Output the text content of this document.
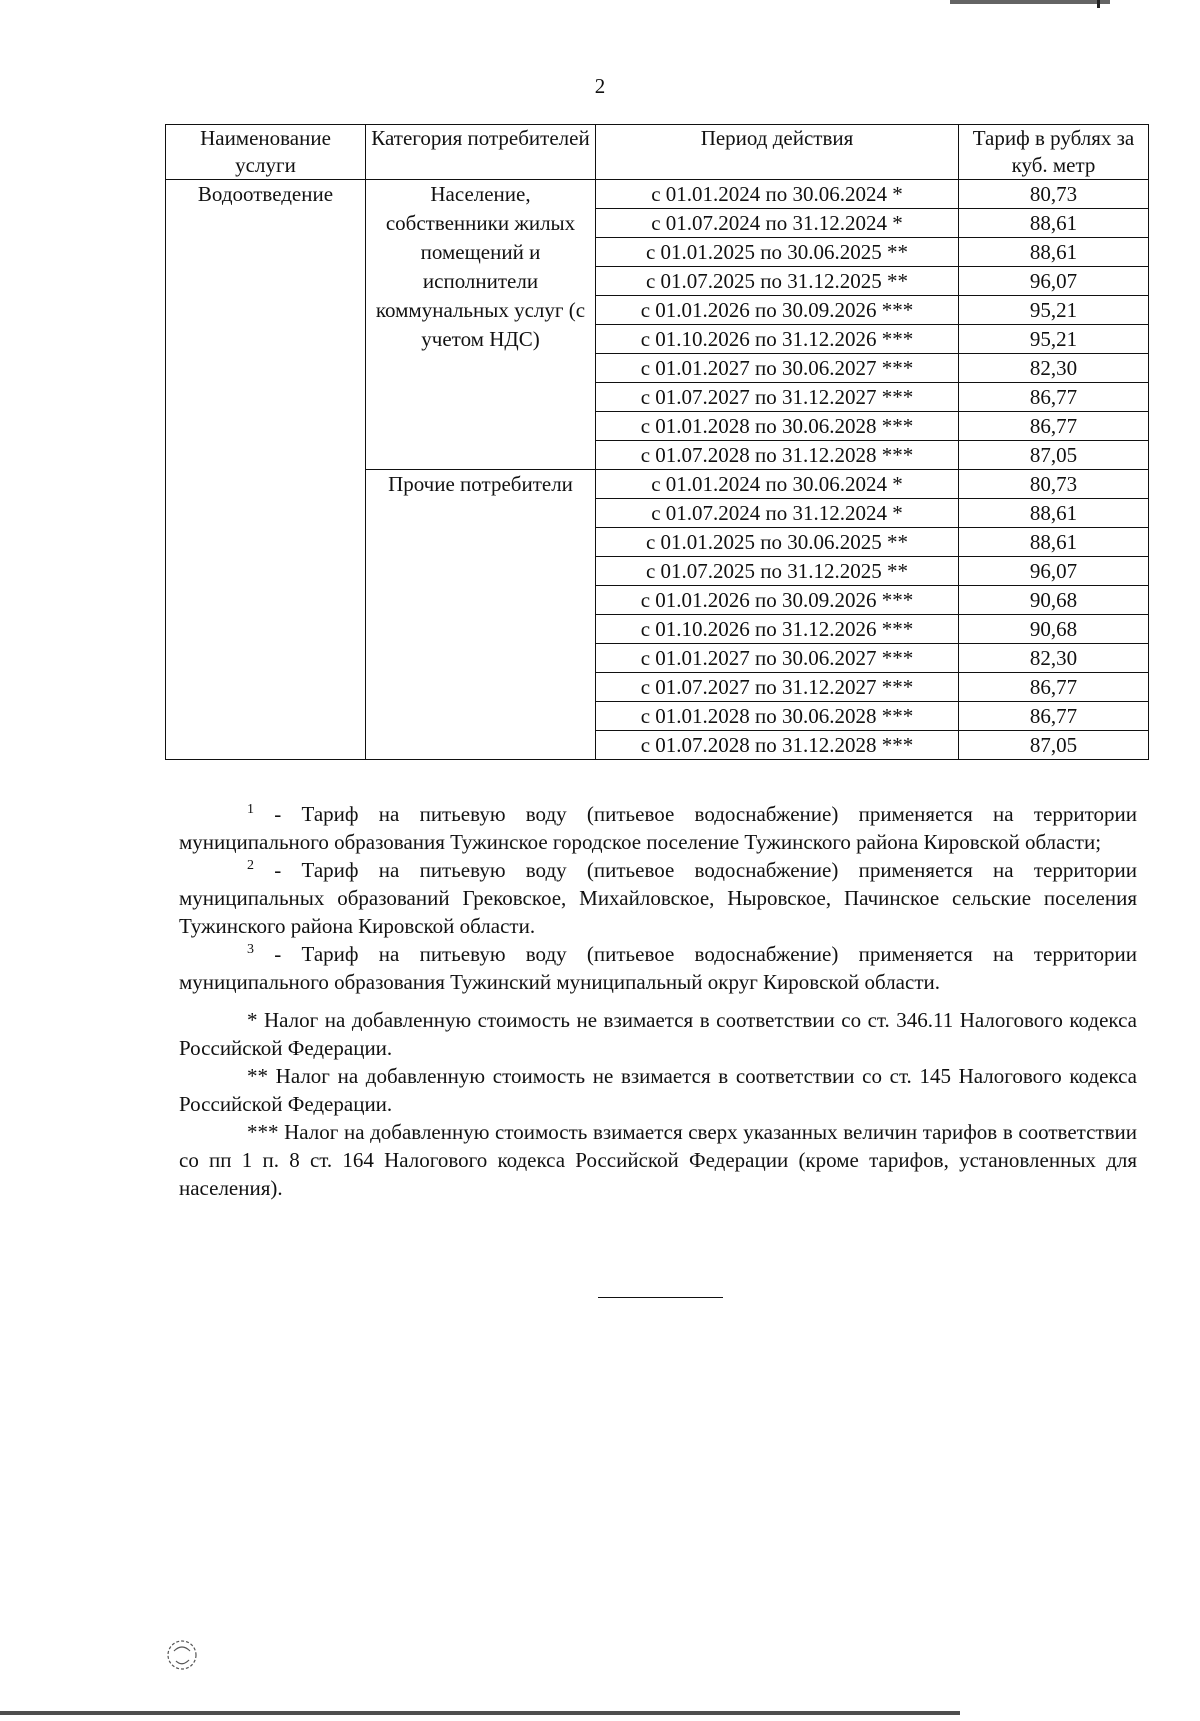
2
Наименование услуги	Категория потребителей	Период действия	Тариф в рублях за куб. метр
Водоотведение	Население, собственники жилых помещений и исполнители коммунальных услуг (с учетом НДС)	с 01.01.2024 по 30.06.2024 *	80,73
		с 01.07.2024 по 31.12.2024 *	88,61
		с 01.01.2025 по 30.06.2025 **	88,61
		с 01.07.2025 по 31.12.2025 **	96,07
		с 01.01.2026 по 30.09.2026 ***	95,21
		с 01.10.2026 по 31.12.2026 ***	95,21
		с 01.01.2027 по 30.06.2027 ***	82,30
		с 01.07.2027 по 31.12.2027 ***	86,77
		с 01.01.2028 по 30.06.2028 ***	86,77
		с 01.07.2028 по 31.12.2028 ***	87,05
	Прочие потребители	с 01.01.2024 по 30.06.2024 *	80,73
		с 01.07.2024 по 31.12.2024 *	88,61
		с 01.01.2025 по 30.06.2025 **	88,61
		с 01.07.2025 по 31.12.2025 **	96,07
		с 01.01.2026 по 30.09.2026 ***	90,68
		с 01.10.2026 по 31.12.2026 ***	90,68
		с 01.01.2027 по 30.06.2027 ***	82,30
		с 01.07.2027 по 31.12.2027 ***	86,77
		с 01.01.2028 по 30.06.2028 ***	86,77
		с 01.07.2028 по 31.12.2028 ***	87,05

$^1$ - Тариф на питьевую воду (питьевое водоснабжение) применяется на территории муниципального образования Тужинское городское поселение Тужинского района Кировской области;

$^2$ - Тариф на питьевую воду (питьевое водоснабжение) применяется на территории муниципальных образований Грековское, Михайловское, Ныровское, Пачинское сельские поселения Тужинского района Кировской области.

$^3$ - Тариф на питьевую воду (питьевое водоснабжение) применяется на территории муниципального образования Тужинский муниципальный округ Кировской области.

* Налог на добавленную стоимость не взимается в соответствии со ст. 346.11 Налогового кодекса Российской Федерации.

** Налог на добавленную стоимость не взимается в соответствии со ст. 145 Налогового кодекса Российской Федерации.

*** Налог на добавленную стоимость взимается сверх указанных величин тарифов в соответствии со пп 1 п. 8 ст. 164 Налогового кодекса Российской Федерации (кроме тарифов, установленных для населения).
